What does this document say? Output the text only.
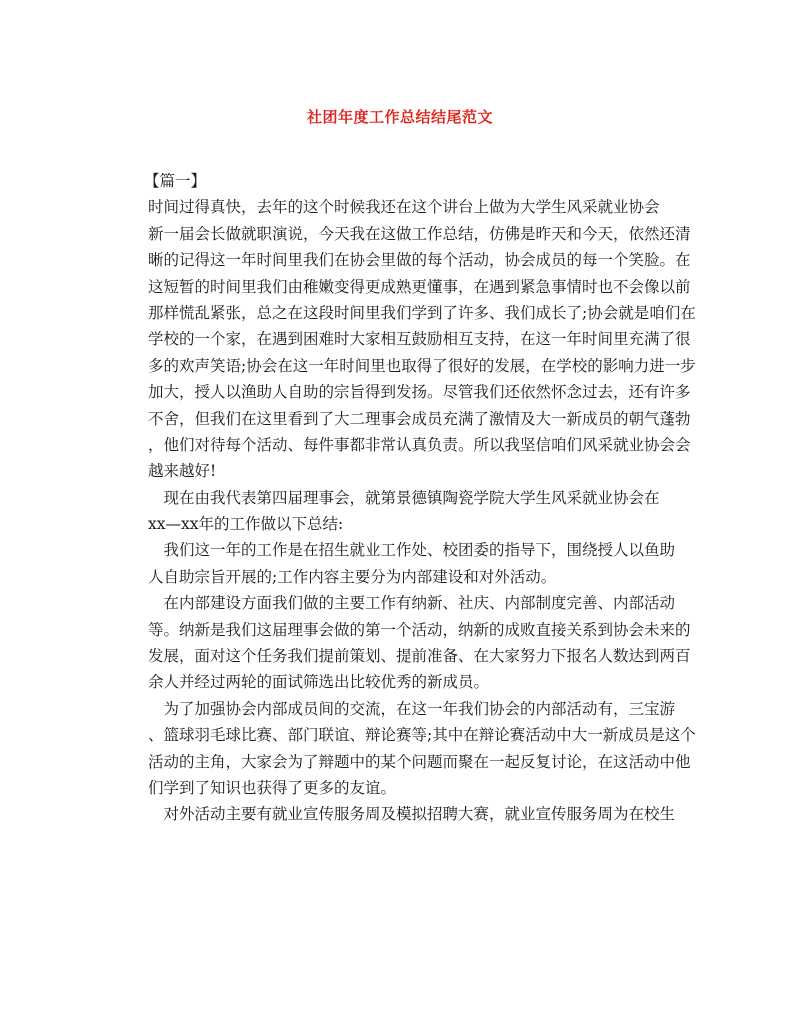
社团年度工作总结结尾范文
【篇一】
时间过得真快，去年的这个时候我还在这个讲台上做为大学生风采就业协会
新一届会长做就职演说，今天我在这做工作总结，仿佛是昨天和今天，依然还清
晰的记得这一年时间里我们在协会里做的每个活动，协会成员的每一个笑脸。在
这短暂的时间里我们由稚嫩变得更成熟更懂事，在遇到紧急事情时也不会像以前
那样慌乱紧张，总之在这段时间里我们学到了许多、我们成长了;协会就是咱们在
学校的一个家，在遇到困难时大家相互鼓励相互支持，在这一年时间里充满了很
多的欢声笑语;协会在这一年时间里也取得了很好的发展，在学校的影响力进一步
加大，授人以渔助人自助的宗旨得到发扬。尽管我们还依然怀念过去，还有许多
不舍，但我们在这里看到了大二理事会成员充满了激情及大一新成员的朝气蓬勃
，他们对待每个活动、每件事都非常认真负责。所以我坚信咱们风采就业协会会
越来越好!
　现在由我代表第四届理事会，就第景德镇陶瓷学院大学生风采就业协会在
xx—xx年的工作做以下总结:
　我们这一年的工作是在招生就业工作处、校团委的指导下，围绕授人以鱼助
人自助宗旨开展的;工作内容主要分为内部建设和对外活动。
　在内部建设方面我们做的主要工作有纳新、社庆、内部制度完善、内部活动
等。纳新是我们这届理事会做的第一个活动，纳新的成败直接关系到协会未来的
发展，面对这个任务我们提前策划、提前准备、在大家努力下报名人数达到两百
余人并经过两轮的面试筛选出比较优秀的新成员。
　为了加强协会内部成员间的交流，在这一年我们协会的内部活动有，三宝游
、篮球羽毛球比赛、部门联谊、辩论赛等;其中在辩论赛活动中大一新成员是这个
活动的主角，大家会为了辩题中的某个问题而聚在一起反复讨论，在这活动中他
们学到了知识也获得了更多的友谊。
　对外活动主要有就业宣传服务周及模拟招聘大赛，就业宣传服务周为在校生
